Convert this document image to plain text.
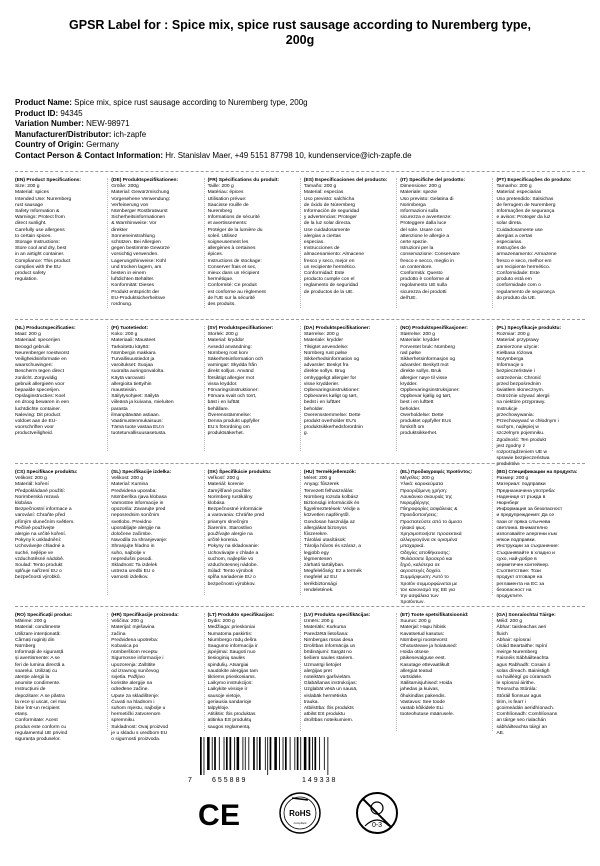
GPSR Label for : Spice mix, spice rust sausage according to Nuremberg type, 200g
Product Name: Spice mix, spice rust sausage according to Nuremberg type, 200g
Product ID: 94345
Variation Number: NEW-98971
Manufacturer/Distributor: ich-zapfe
Country of Origin: Germany
Contact Person & Contact Information: Hr. Stanislav Maer, +49 5151 87798 10, kundenservice@ich-zapfe.de
(EN) Product Specifications:
Size: 200 g
Material: spices
Intended Use: Nuremberg
rust sausage
Safety Information &
Warnings: Protect from
direct sunlight.
Carefully use allergens
to certain spices.
Storage Instructions:
Store cool and dry, best
in an airtight container.
Compliance: This product
complies with the EU
product safety
regulation.
(DE) Produktspezifikationen:
Größe: 200g
Material: Gewürzmischung
Vorgesehene Verwendung:
Verfeinerung von
Nürnberger Rostbratwurst
Sicherheitsinformationen
& Warnhinweise: Vor
direkter
Sonneneinstrahlung
schützen. Bei Allergien
gegen bestimmte Gewürze
vorsichtig verwenden.
Lagerungshinweise: Kühl
und trocken lagern, am
besten in einem
luftdichten Behälter.
Konformität: Dieses
Produkt entspricht der
EU-Produktsicherheitsve
rordnung.
(FR) Spécifications du produit:
Taille: 200 g
Matériau: épices
Utilisation prévue:
Saucisse rouille de
Nuremberg
Informations de sécurité
et avertissements:
Protéger de la lumière du
soleil. Utilisez
soigneusement les
allergènes à certaines
épices.
Instructions de stockage:
Conserver frais et sec,
mieux dans un récipient
hermétique.
Conformité: Ce produit
est conforme au règlement
de l'UE sur la sécurité
des produits.
(ES) Especificaciones del producto:
Tamaño: 200 g
Material: especias
Uso previsto: salchicha
de óxido de Núremberg
Información de seguridad
y advertencias: Proteger
de la luz solar directa.
Use cuidadosamente
alergias a ciertas
especias.
Instrucciones de
almacenamiento: Almacene
fresco y seco, mejor en
un recipiente hermético.
Conformidad: Este
producto cumple con el
reglamento de seguridad
de productos de la UE.
(IT) Specifiche del prodotto:
Dimensione: 200 g
Materiale: spezie
Uso previsto: Gelatina di
Norimberga
Informazioni sulla
sicurezza e avvertenze:
Proteggere dalla luce
del sole. Usare con
attenzione le allergie a
certe spezie.
Istruzioni per la
conservazione: Conservare
fresco e secco, meglio in
un contenitore.
Conformità: Questo
prodotto è conforme al
regolamento UE sulla
sicurezza dei prodotti
dell'UE.
(PT) Especificações do produto:
Tamanho: 200 g
Material: especiarias
Uso pretendido: Salsichas
de ferrugem de Nuremberg
Informações de segurança
e avisos: Proteger da luz
solar direta.
Cuidadosamente use
alergias a certas
especiarias.
Instruções de
armazenamento: Armazene
fresco e seco, melhor em
um recipiente hermético.
Conformidade: Este
produto está em
conformidade com o
regulamento de segurança
do produto da UE.
(NL) Productspecificaties:
Maat: 200 g
Materiaal: specerijen
Beoogd gebruik:
Neurenberger roestworst
Veiligheidsinformatie en
waarschuwingen:
Bescherm tegen direct
zonlicht. Zorgvuldig
gebruik allergieën voor
bepaalde specerijen.
Opslaginstructies: Koel
en droog bewaren in een
luchtdichte container.
Naleving: Dit product
voldoet aan de EU-
voorschriften voor
productveiligheid.
(FI) Tuotetiedot:
Koko: 200 g
Materiaali: Mausteet
Tarkoitettu käyttö:
Nürnbergin makkara
Turvallisuustiedot ja
varoitukset: Suojaa
suoralta auringonvalolta.
Käytä varovasti
allergioita tiettyihin
mausteisiin.
Säilytysohjeet: Säilytä
viileänä ja kuivana, mieluiten
parasta
ilmanpitävään astiaan.
Vaatimustenmukaisuus:
Tämä tuote vastaa EU:n
tuoteturvallisuusasetusta.
(SV) Produktspecifikationer:
Storlek: 200 g
Material: kryddor
Avsedd användning:
Nürnberg rost korv
Säkerhetsinformation och
varningar: Skydda från
direkt solljus. Använd
försiktigt allergier mot
vissa kryddor.
Förvaringsinstruktioner:
Förvara svalt och torrt,
bäst i en lufttät
behållare.
Överensstämmelse:
Denna produkt uppfyller
EU:s förordning om
produktsäkerhet.
(DA) Produktspecifikationer:
Størrelse: 200 g
Materiale: krydder
Tilsigtet anvendelse:
Nürnberg rust pølse
Sikkerhedsinformation og
advarsler: Beskyt fra
direkte sollys. Brug
omhyggeligt allergier for
visse krydderier.
Opbevaringsinstruktioner:
Opbevares køligt og tørt,
bedst i en lufttæt
beholder.
Overensstemmelse: Dette
produkt overholder EU's
produktsikkerhedsforordnin
g.
(NO) Produktspesifikasjoner:
Størrelse: 200 g
Materiale: krydder
Forventet bruk: Nürnberg
rød pølse
Sikkerhetsinformasjon og
advarsler: Beskytt mot
direkte sollys. Bruk
allergier nøye til visse
krydder.
Oppbevaringsinstruksjoner:
Oppbevar kjølig og tørt,
best i en lufttett
beholder.
Overholdelse: Dette
produktet oppfyller EUs
forskrift om
produktsikkerhet.
(PL) Specyfikacje produktu:
Rozmiar: 200 g
Materiał: przyprawy
Zamierzone użycie:
Kiełbasa różowa
Norymberga
Informacje o
bezpieczeństwie i
ostrzeżenia: Chronić
przed bezpośrednim
światłem słonecznym.
Ostrożnie używać alergii
na niektóre przyprawy.
Instrukcje
przechowywania:
Przechowywać w chłodnym i
suchym, najlepiej w
szczelnym pojemniku.
Zgodność: Ten produkt
jest zgodny z
rozporządzeniem UE w
sprawie bezpieczeństwa
produktów.
(CS) Specifikace produktu:
Velikost: 200 g
Materiál: koření
Předpokládané použití:
Norimberská rezavá
klobása
Bezpečnostní informace a
varování: Chraňte před
přímým slunečním světlem.
Pečlivě používejte
alergie na určité koření.
Pokyny k uskladnění:
Uchovávejte chladné a
suché, nejlépe ve
vzduchotěsné nádobě.
Soulad: Tento produkt
splňuje nařízení EU o
bezpečnosti výrobků.
(SL) Specifikacije izdelka:
Velikost: 200 g
Material: Kumina
Predvidena uporaba:
Nürnberška rjava klobasa
Varnostne informacije in
opozorila: Zavarujte pred
neposrednim sončnim
svetlobo. Previdno
uporabljajte alergije na
določene začimbe.
Navodila za shranjevanje:
Shranjujte hladno in
suho, najbolje v
nepredušni posodi.
Skladnost: Ta izdelek
ustreza uredbi EU o
varnosti izdelkov.
(SK) Špecifikácie produktu:
Veľkosť: 200 g
Materiál: korenie
Zamýšľané použitie:
Norimberg rustikálny
klobása
Bezpečnostné informácie
a varovania: Chráňte pred
priamym slnečným
žiarením. Starostlivo
používajte alergie na
určité korenia.
Pokyny na skladovanie:
Uchovávajte v chlade a
suchom, najlepšie vo
vzduchotesnej nádobe.
Súlad: Tento výrobok
spĺňa nariadenie EÚ o
bezpečnosti výrobkov.
(HU) Termékjellemzők:
Méret: 200 g
Anyag: fűszerek
Tervezett felhasználás:
Nürnberg rozsda kolbász
Biztonsági információk és
figyelmeztetések: Védje a
közvetlen napfénytől.
Gondosan használja az
allergiákat bizonyos
fűszerekre.
Tárolási utasítások:
Tárolja hűvös és száraz, a
legjobb egy
légmentesen
zárható tartályban.
Megfelelőség: Ez a termék
megfelel az EU
terékbiztonsági
rendeletének.
(EL) Προδιαγραφές προϊόντος:
Μέγεθος: 200 g
Υλικό: καρυκεύματα
Προοριζόμενη χρήση:
Λουκάνικο σκουριάς της
Νυρεμβέργης
Πληροφορίες ασφάλειας &
Προειδοποιήσεις:
Προστατεύστε από το άμεσο
ηλιακό φως.
Χρησιμοποιήστε προσεκτικά
αλλεργιογόνα σε ορισμένα
μπαχαρικά.
Οδηγίες αποθήκευσης:
Φυλάσσετε δροσερό και
ξηρό, καλύτερα σε
αεροστεγές δοχείο.
Συμμόρφωση: Αυτό το
προϊόν συμμορφώνεται με
τον κανονισμό της ΕΕ για
την ασφάλεια των
προϊόντων.
(BG) Спецификации на продукта:
Размер: 200 g
Материал: подправки
Предназначена употреба:
Надениця от ръжда в
Нюрнберг
Информация за безопасност
и предупреждения: Да се
пази от пряка слънчева
светлина. Внимателно
използвайте алергени към
някои подправки.
Инструкции за съхранение:
Съхранявайте в хладно и
сухо, най-добре в
херметичен контейнер.
Съответствие: Този
продукт отговаря на
регламента на ЕС за
безопасност на
продуктите.
(RO) Specificații produs:
Mărime: 200 g
Material: condimente
Utilizare intenționată:
Cârnați ruginiți din
Nürnberg
Informații de siguranță
și avertismente: A se
feri de lumina directă a
soarelui. Utilizați cu
atenție alergii la
anumite condimente.
Instrucțiuni de
depozitare: A se păstra
la rece și uscat, cel mai
bine într-un recipient
etanș.
Conformitate: Acest
produs este conform cu
regulamentul UE privind
siguranța produselor.
(HR) Specifikacije proizvoda:
Veličina: 200 g
Materijal: mješavina
začina
Predviđena upotreba:
Kobasica po
nürnberškom receptu
Sigurnosne informacije i
upozorenja: Zaštitite
od izravnog sunčevog
svjetla. Pažljivo
koristite alergije na
određene začine.
Upute za skladištenje:
Čuvati na hladnom i
suhom mjestu, najbolje u
hermetički zatvorenom
spremniku.
Sukladnost: Ovaj proizvod
je u skladu s uredbom EU
o sigurnosti proizvoda.
(LT) Produkto specifikacijos:
Dydis: 200 g
Medžiaga: prieskoniai
Numatoma paskirtis:
Niurnbergo rūdų dešra
Saugumo informacija ir
įspėjimai: Saugoti nuo
tiesioginių saulės
spindulių. Atsargiai
naudokite alergijas tam
tikriems prieskoniams.
Laikymo instrukcijos:
Laikykite vėsioje ir
sausoje vietoje,
geriausia sandarioje
talpykloje.
Atitiktis: Šis produktas
atitinka ES produktų
saugos reglamentą.
(LV) Produkta specifikācijas:
Izmērs: 200 g
Materiāls: Kurkuma
Paredzētā lietošana:
Nirnbergas rūsas desa
Drošības informācija un
brīdinājumi: Sargāt no
tiešiem saules stariem.
Uzmanīgi lietojiet
alerģijas pret
noteiktām garšvielām.
Glabāšanas instrukcijas:
Uzglabāt vēsā un sausā,
vislabāk hermētiskā
trauka.
Atbilstība: Šis produkts
atbilst ES produktu
drošības noteikumiem.
(ET) Toote spetsifikatsioonid:
Suurus: 200 g
Materjal: Hapu hibisk
Kavatsetud kasutus:
Nürnbergi roostevorst
Ohutusteave ja hoiatused:
Hoida otsese
päikesevalguse eest.
Kasutage ettevaatlikult
allergiat teatud
vürtsidele.
Säilitamisjuhised: Hoida
jahedas ja kuivas,
õhukindlas pakendis.
Vastavus: See toode
vastab kõikidele ELi
tooteohutuse määrusele.
(GA) Sonraíochtaí Táirge:
Méid: 200 g
Ábhar: taisleachas aeri
fluich
Abhair: spíosraí
Úsáid Beartaithe: Ispíní
meirge Nuremberg
Faisnéis Sábháilteachta
agus Rabhadh: Cosain ó
solas díreach. Bainistigh
na hailléirgí go cúramach
le spíosraí áirithe.
Treoracha Stórála:
Stóráil fionnuar agus
tirim, is fearr i
gcoimeádán aeridhíonach.
Comhlíonadh: Comhlíonann
an táirge seo rialachán
sábháilteachta táirgí an
AE.
7	655889	149338
C E	RoHS
compliant	0-3
